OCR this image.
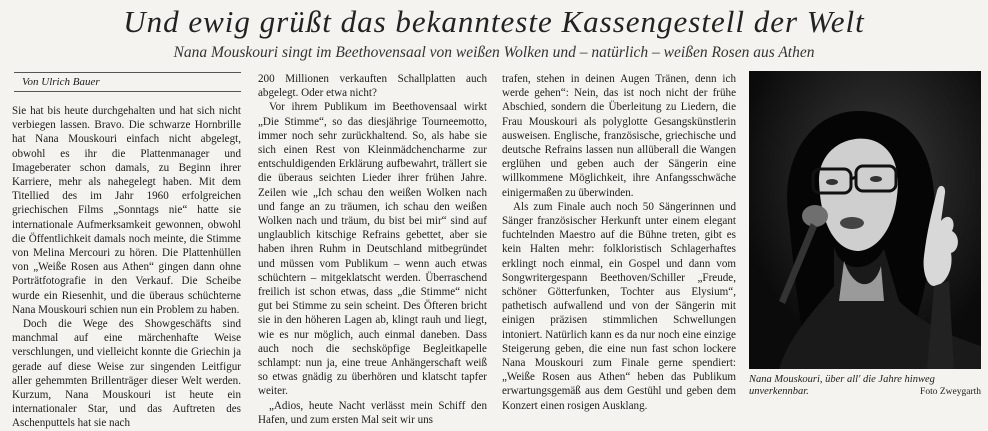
Und ewig grüßt das bekannteste Kassengestell der Welt
Nana Mouskouri singt im Beethovensaal von weißen Wolken und – natürlich – weißen Rosen aus Athen
Von Ulrich Bauer

Sie hat bis heute durchgehalten und hat sich nicht verbiegen lassen. Bravo. Die schwarze Hornbrille hat Nana Mouskouri einfach nicht abgelegt, obwohl es ihr die Plattenmanager und Imageberater schon damals, zu Beginn ihrer Karriere, mehr als nahegelegt haben. Mit dem Titellied des im Jahr 1960 erfolgreichen griechischen Films „Sonntags nie“ hatte sie internationale Aufmerksamkeit gewonnen, obwohl die Öffentlichkeit damals noch meinte, die Stimme von Melina Mercouri zu hören. Die Plattenhüllen von „Weiße Rosen aus Athen“ gingen dann ohne Porträtfotografie in den Verkauf. Die Scheibe wurde ein Riesenhit, und die überaus schüchterne Nana Mouskouri schien nun ein Problem zu haben.

Doch die Wege des Showgeschäfts sind manchmal auf eine märchenhafte Weise verschlungen, und vielleicht konnte die Griechin ja gerade auf diese Weise zur singenden Leitfigur aller gehemmten Brillenträger dieser Welt werden. Kurzum, Nana Mouskouri ist heute ein internationaler Star, und das Auftreten des Aschenputtels hat sie nach

200 Millionen verkauften Schallplatten auch abgelegt. Oder etwa nicht?

Vor ihrem Publikum im Beethovensaal wirkt „Die Stimme“, so das diesjährige Tourneemotto, immer noch sehr zurückhaltend. So, als habe sie sich einen Rest von Kleinmädchencharme zur entschuldigenden Erklärung aufbewahrt, trällert sie die überaus seichten Lieder ihrer frühen Jahre. Zeilen wie „Ich schau den weißen Wolken nach und fange an zu träumen, ich schau den weißen Wolken nach und träum, du bist bei mir“ sind auf unglaublich kitschige Refrains gebettet, aber sie haben ihren Ruhm in Deutschland mitbegründet und müssen vom Publikum – wenn auch etwas schüchtern – mitgeklatscht werden. Überraschend freilich ist schon etwas, dass „die Stimme“ nicht gut bei Stimme zu sein scheint. Des Öfteren bricht sie in den höheren Lagen ab, klingt rauh und liegt, wie es nur möglich, auch einmal daneben. Dass auch noch die sechsköpfige Begleitkapelle schlampt: nun ja, eine treue Anhängerschaft weiß so etwas gnädig zu überhören und klatscht tapfer weiter.

„Adios, heute Nacht verlässt mein Schiff den Hafen, und zum ersten Mal seit wir uns

trafen, stehen in deinen Augen Tränen, denn ich werde gehen“: Nein, das ist noch nicht der frühe Abschied, sondern die Überleitung zu Liedern, die Frau Mouskouri als polyglotte Gesangskünstlerin ausweisen. Englische, französische, griechische und deutsche Refrains lassen nun allüberall die Wangen erglühen und geben auch der Sängerin eine willkommene Möglichkeit, ihre Anfangsschwäche einigermaßen zu überwinden.

Als zum Finale auch noch 50 Sängerinnen und Sänger französischer Herkunft unter einem elegant fuchtelnden Maestro auf die Bühne treten, gibt es kein Halten mehr: folkloristisch Schlagerhaftes erklingt noch einmal, ein Gospel und dann vom Songwritergespann Beethoven/Schiller „Freude, schöner Götterfunken, Tochter aus Elysium“, pathetisch aufwallend und von der Sängerin mit einigen präzisen stimmlichen Schwellungen intoniert. Natürlich kann es da nur noch eine einzige Steigerung geben, die eine nun fast schon lockere Nana Mouskouri zum Finale gerne spendiert: „Weiße Rosen aus Athen“ heben das Publikum erwartungsgemäß aus dem Gestühl und geben dem Konzert einen rosigen Ausklang.

Nana Mouskouri, über all' die Jahre hinweg unverkennbar.	Foto Zweygarth
